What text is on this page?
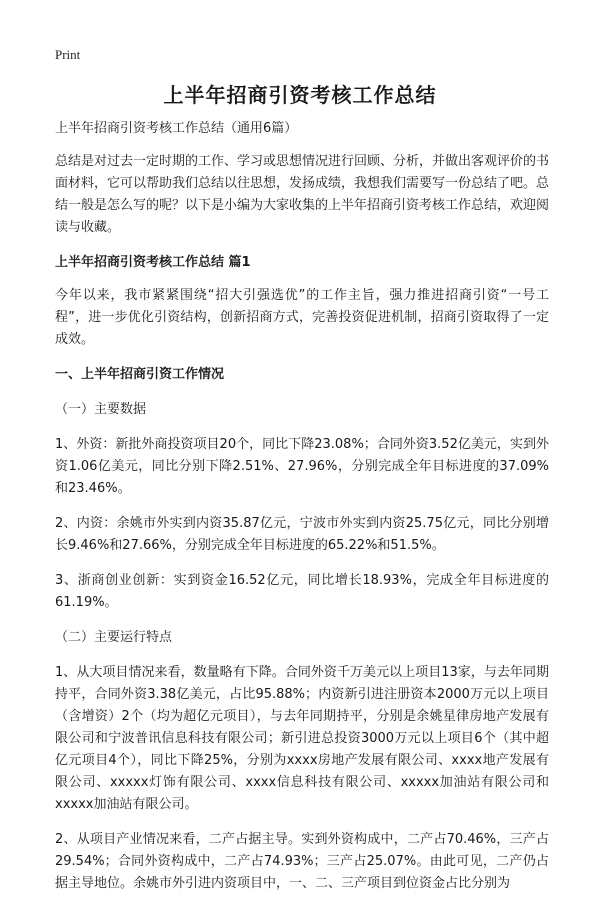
Print
上半年招商引资考核工作总结

上半年招商引资考核工作总结（通用6篇）

总结是对过去一定时期的工作、学习或思想情况进行回顾、分析，并做出客观评价的书面材料，它可以帮助我们总结以往思想，发扬成绩，我想我们需要写一份总结了吧。总结一般是怎么写的呢？以下是小编为大家收集的上半年招商引资考核工作总结，欢迎阅读与收藏。

上半年招商引资考核工作总结 篇1

今年以来，我市紧紧围绕“招大引强选优”的工作主旨，强力推进招商引资“一号工程”，进一步优化引资结构，创新招商方式，完善投资促进机制，招商引资取得了一定成效。

一、上半年招商引资工作情况

（一）主要数据

1、外资：新批外商投资项目20个，同比下降23.08%；合同外资3.52亿美元，实到外资1.06亿美元，同比分别下降2.51%、27.96%，分别完成全年目标进度的37.09%和23.46%。

2、内资：余姚市外实到内资35.87亿元，宁波市外实到内资25.75亿元，同比分别增长9.46%和27.66%，分别完成全年目标进度的65.22%和51.5%。

3、浙商创业创新：实到资金16.52亿元，同比增长18.93%，完成全年目标进度的61.19%。

（二）主要运行特点

1、从大项目情况来看，数量略有下降。合同外资千万美元以上项目13家，与去年同期持平，合同外资3.38亿美元，占比95.88%；内资新引进注册资本2000万元以上项目（含增资）2个（均为超亿元项目），与去年同期持平，分别是余姚星律房地产发展有限公司和宁波普讯信息科技有限公司；新引进总投资3000万元以上项目6个（其中超亿元项目4个），同比下降25%，分别为xxxx房地产发展有限公司、xxxx地产发展有限公司、xxxxx灯饰有限公司、xxxx信息科技有限公司、xxxxx加油站有限公司和xxxxx加油站有限公司。

2、从项目产业情况来看，二产占据主导。实到外资构成中，二产占70.46%，三产占29.54%；合同外资构成中，二产占74.93%；三产占25.07%。由此可见，二产仍占据主导地位。余姚市外引进内资项目中，一、二、三产项目到位资金占比分别为
